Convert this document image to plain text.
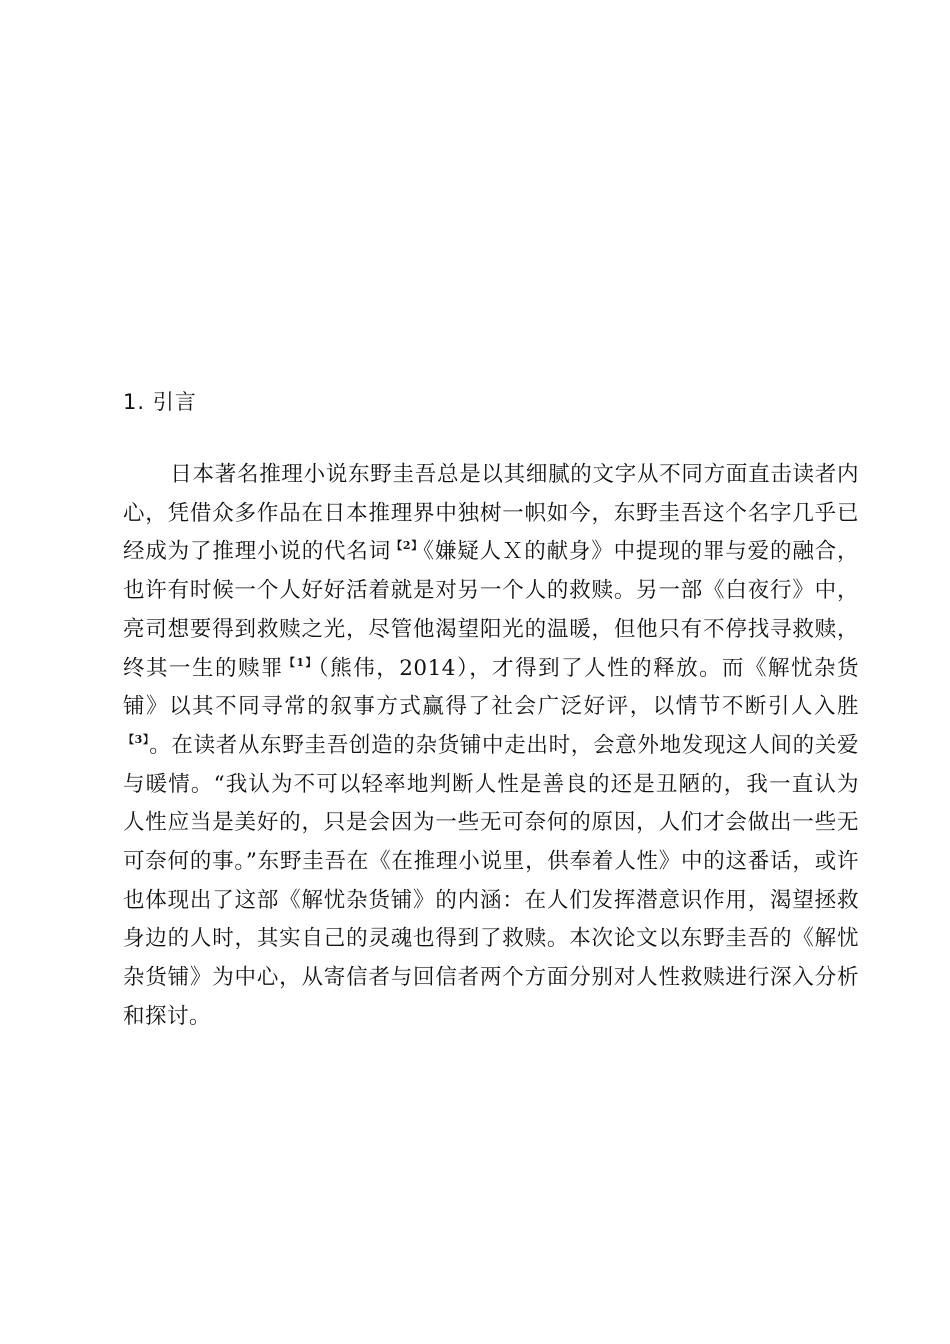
1. 引言

日本著名推理小说东野圭吾总是以其细腻的文字从不同方面直击读者内心，凭借众多作品在日本推理界中独树一帜如今，东野圭吾这个名字几乎已经成为了推理小说的代名词$^{【2】}$《嫌疑人Ｘ的献身》中提现的罪与爱的融合，也许有时候一个人好好活着就是对另一个人的救赎。另一部《白夜行》中，亮司想要得到救赎之光，尽管他渴望阳光的温暖，但他只有不停找寻救赎，终其一生的赎罪$^{【1】}$（熊伟，2014），才得到了人性的释放。而《解忧杂货铺》以其不同寻常的叙事方式赢得了社会广泛好评，以情节不断引人入胜$^{【3】}$。在读者从东野圭吾创造的杂货铺中走出时，会意外地发现这人间的关爱与暖情。“我认为不可以轻率地判断人性是善良的还是丑陋的，我一直认为人性应当是美好的，只是会因为一些无可奈何的原因，人们才会做出一些无可奈何的事。”东野圭吾在《在推理小说里，供奉着人性》中的这番话，或许也体现出了这部《解忧杂货铺》的内涵：在人们发挥潜意识作用，渴望拯救身边的人时，其实自己的灵魂也得到了救赎。本次论文以东野圭吾的《解忧杂货铺》为中心，从寄信者与回信者两个方面分别对人性救赎进行深入分析和探讨。
